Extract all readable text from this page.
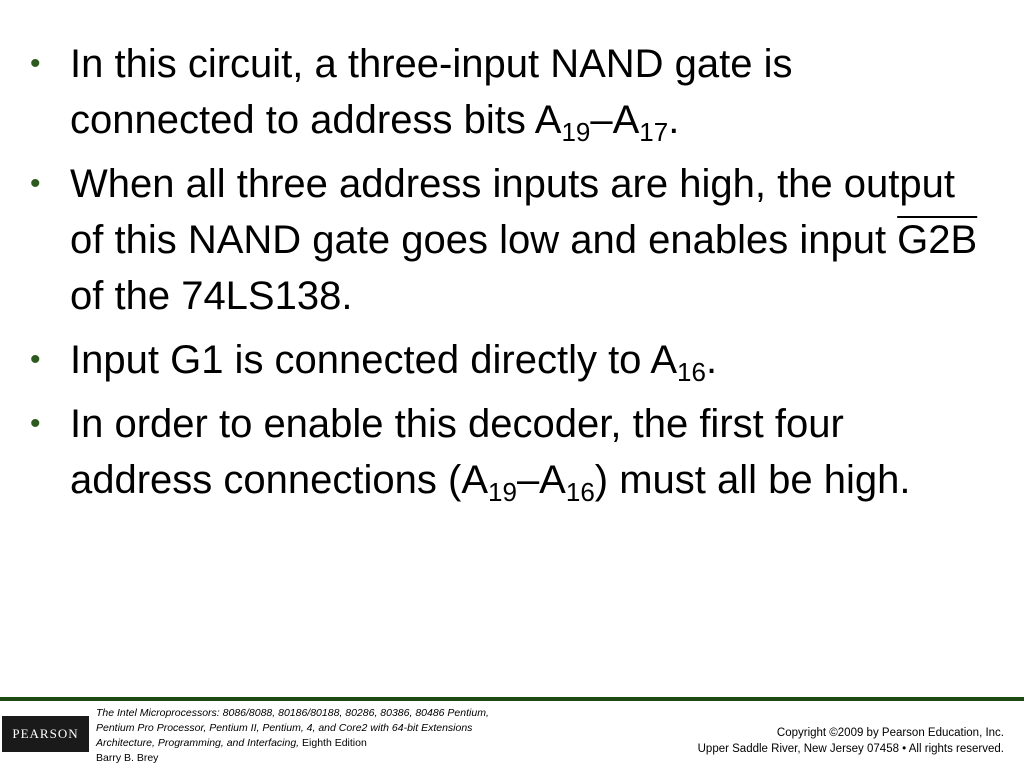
• In this circuit, a three-input NAND gate is connected to address bits $A_{19}-A_{17}$.
• When all three address inputs are high, the output of this NAND gate goes low and enables input G2B  of the 74LS138.
• Input G1 is connected directly to $A_{16}$.
• In order to enable this decoder, the first four address connections $(A_{19}-A_{16})$ must all be high.
PEARSON
The Intel Microprocessors: 8086/8088, 80186/80188, 80286, 80386, 80486 Pentium,
Pentium Pro Processor, Pentium II, Pentium, 4, and Core2 with 64-bit Extensions
Architecture, Programming, and Interfacing, Eighth Edition
Barry B. Brey
Copyright ©2009 by Pearson Education, Inc.
Upper Saddle River, New Jersey 07458 • All rights reserved.
